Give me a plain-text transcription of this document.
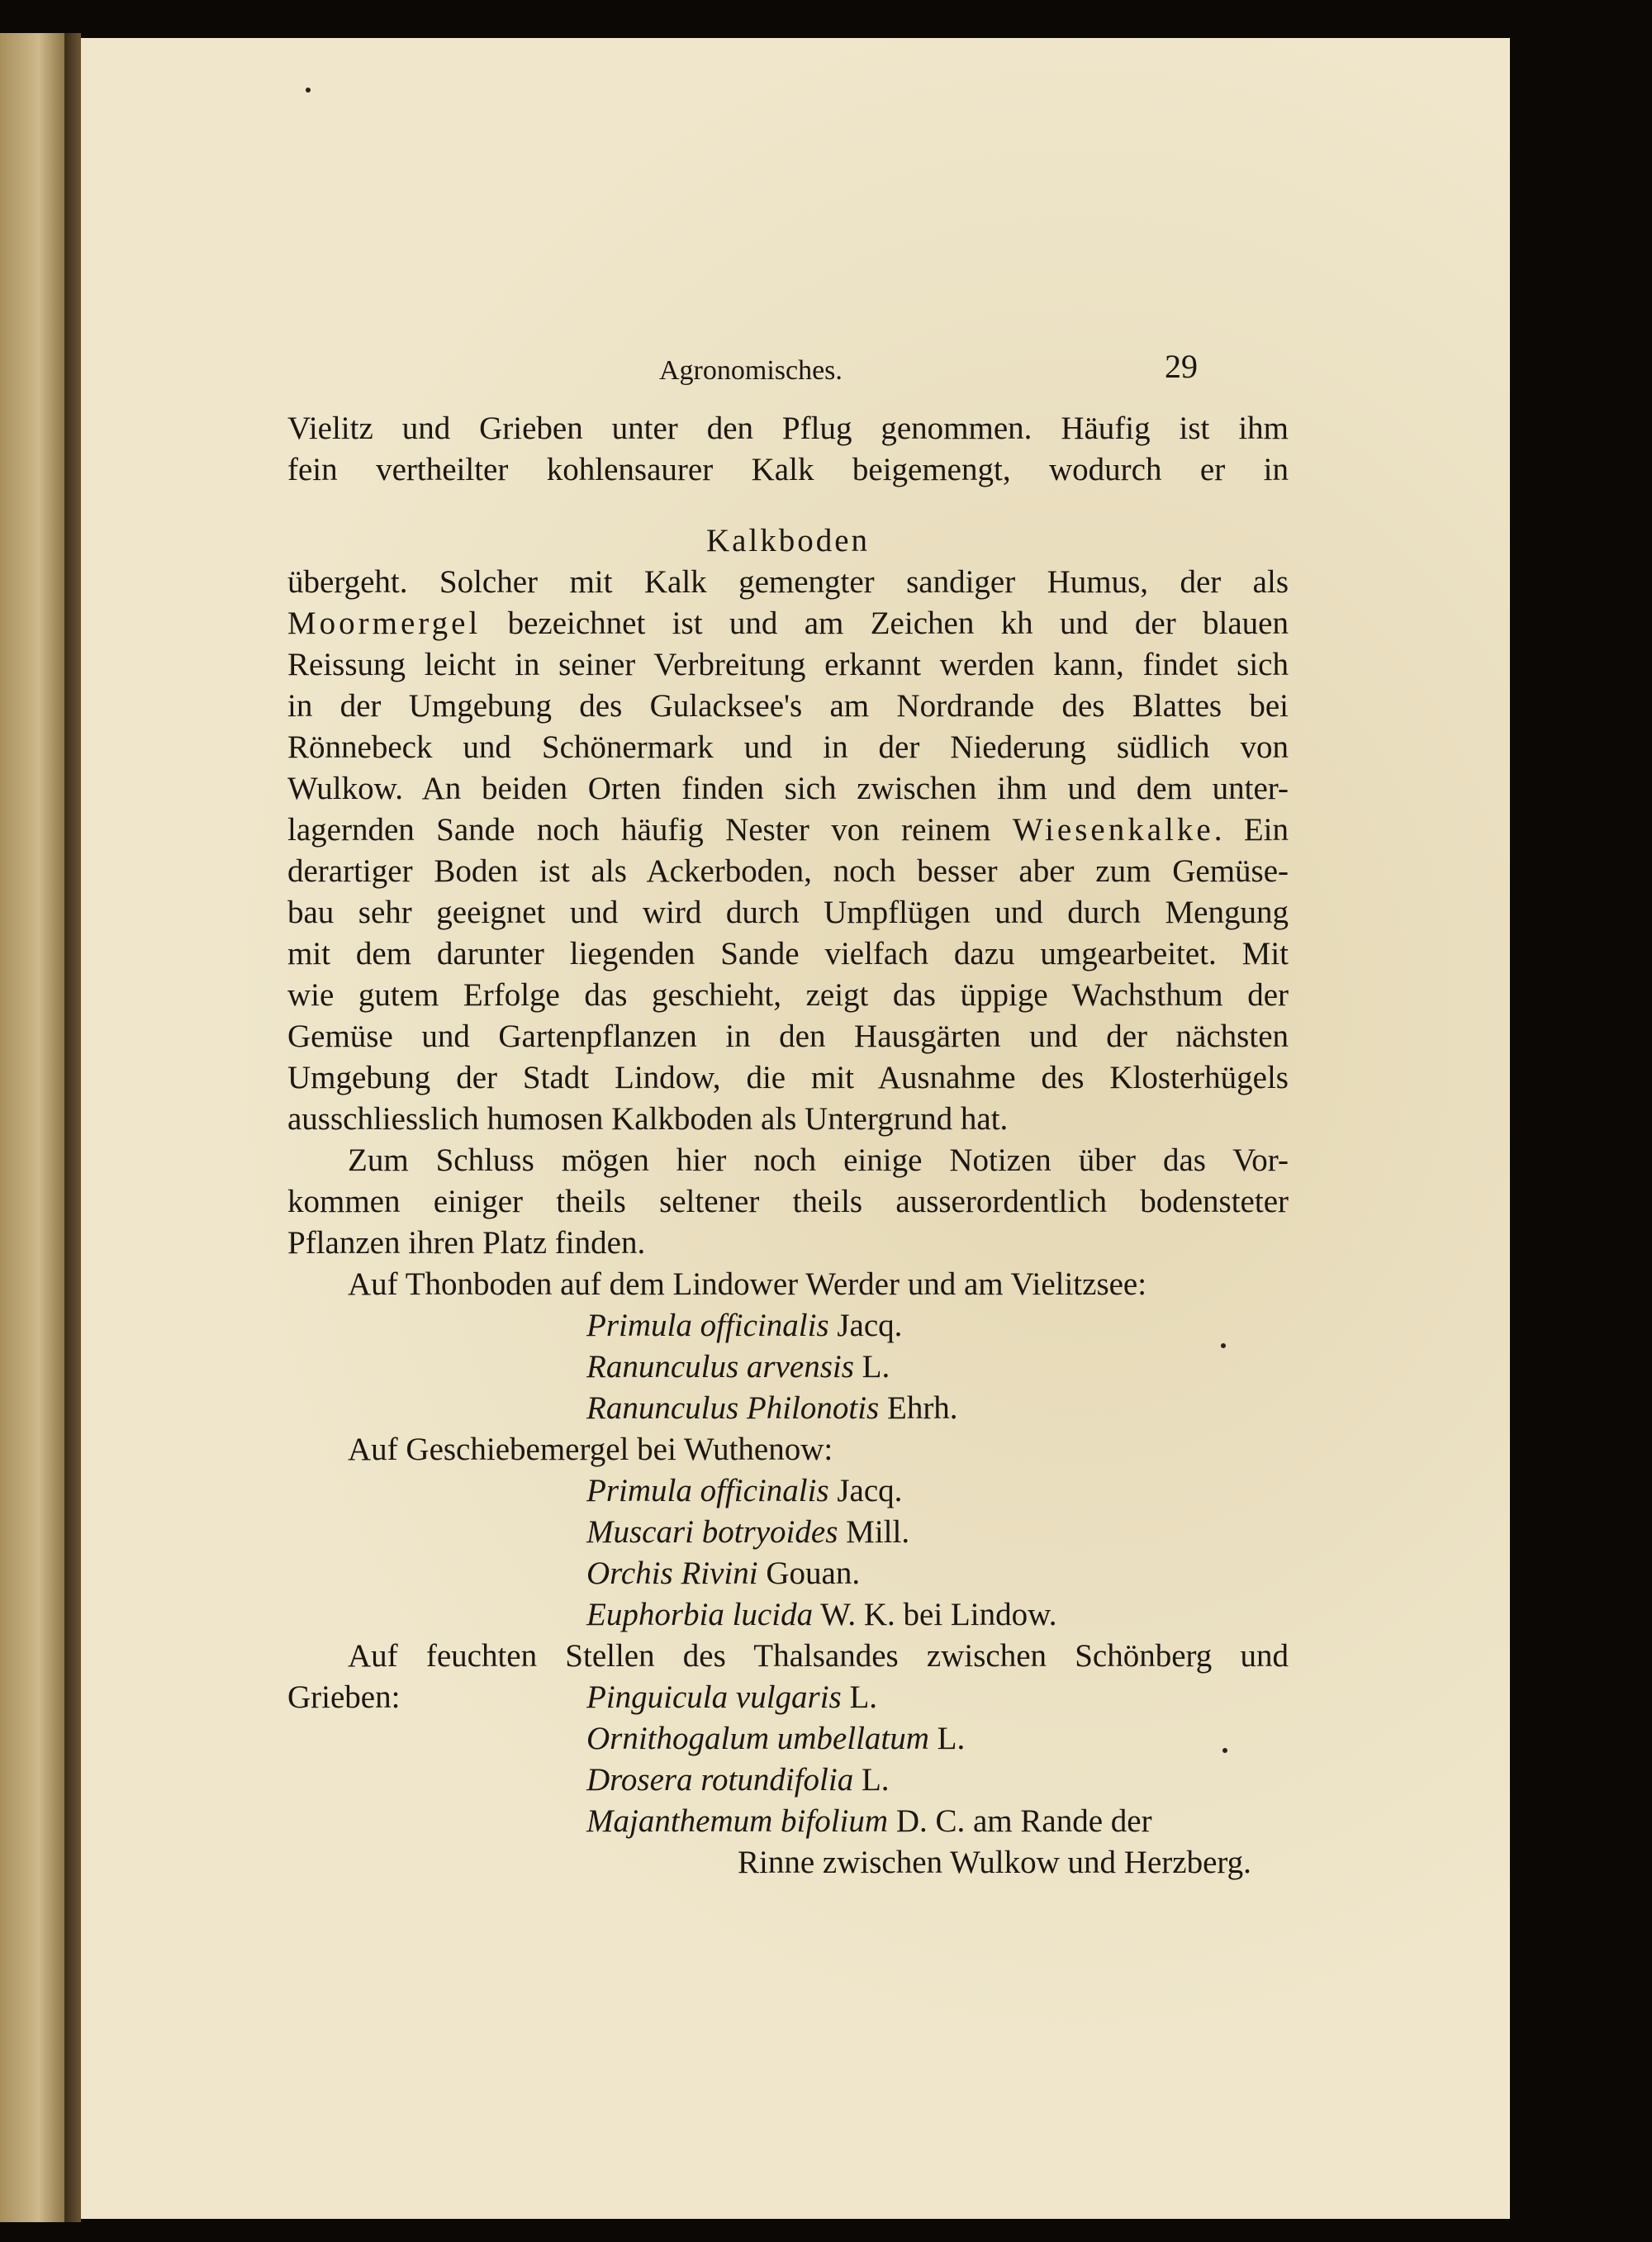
Agronomisches.	29
Vielitz und Grieben unter den Pflug genommen. Häufig ist ihm
fein vertheilter kohlensaurer Kalk beigemengt, wodurch er in
Kalkboden
übergeht. Solcher mit Kalk gemengter sandiger Humus, der als
Moormergel bezeichnet ist und am Zeichen kh und der blauen
Reissung leicht in seiner Verbreitung erkannt werden kann, findet sich
in der Umgebung des Gulacksee's am Nordrande des Blattes bei
Rönnebeck und Schönermark und in der Niederung südlich von
Wulkow. An beiden Orten finden sich zwischen ihm und dem unter-
lagernden Sande noch häufig Nester von reinem Wiesenkalke. Ein
derartiger Boden ist als Ackerboden, noch besser aber zum Gemüse-
bau sehr geeignet und wird durch Umpflügen und durch Mengung
mit dem darunter liegenden Sande vielfach dazu umgearbeitet. Mit
wie gutem Erfolge das geschieht, zeigt das üppige Wachsthum der
Gemüse und Gartenpflanzen in den Hausgärten und der nächsten
Umgebung der Stadt Lindow, die mit Ausnahme des Klosterhügels
ausschliesslich humosen Kalkboden als Untergrund hat.
Zum Schluss mögen hier noch einige Notizen über das Vor-
kommen einiger theils seltener theils ausserordentlich bodensteter
Pflanzen ihren Platz finden.
Auf Thonboden auf dem Lindower Werder und am Vielitzsee:
Primula officinalis Jacq.
Ranunculus arvensis L.
Ranunculus Philonotis Ehrh.
Auf Geschiebemergel bei Wuthenow:
Primula officinalis Jacq.
Muscari botryoides Mill.
Orchis Rivini Gouan.
Euphorbia lucida W. K. bei Lindow.
Auf feuchten Stellen des Thalsandes zwischen Schönberg und
Grieben:	Pinguicula vulgaris L.
Ornithogalum umbellatum L.
Drosera rotundifolia L.
Majanthemum bifolium D. C. am Rande der
Rinne zwischen Wulkow und Herzberg.
